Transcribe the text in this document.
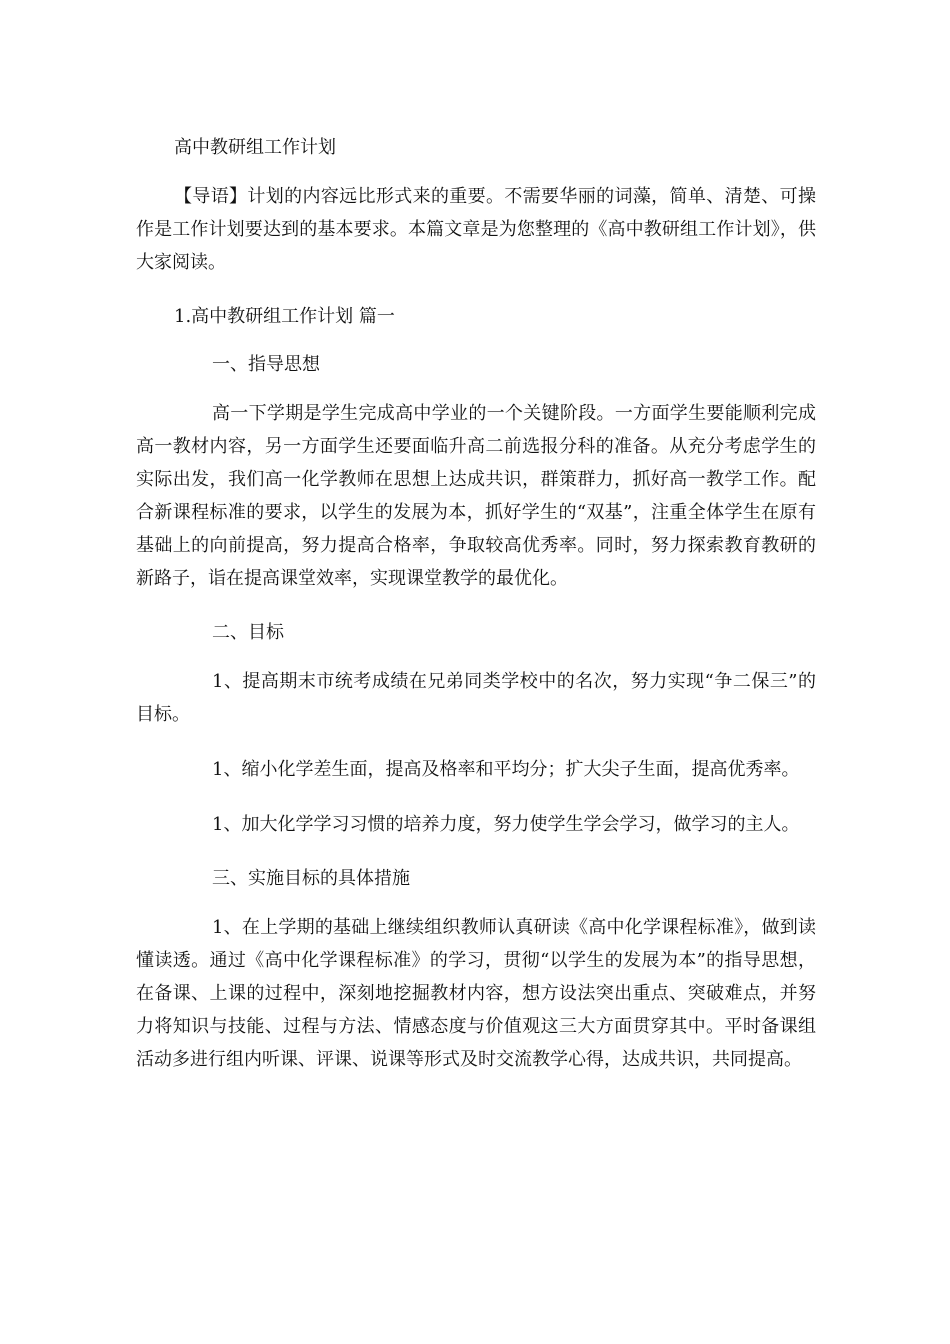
高中教研组工作计划

【导语】计划的内容远比形式来的重要。不需要华丽的词藻，简单、清楚、可操作是工作计划要达到的基本要求。本篇文章是为您整理的《高中教研组工作计划》，供大家阅读。

1.高中教研组工作计划 篇一
一、指导思想

高一下学期是学生完成高中学业的一个关键阶段。一方面学生要能顺利完成高一教材内容，另一方面学生还要面临升高二前选报分科的准备。从充分考虑学生的实际出发，我们高一化学教师在思想上达成共识，群策群力，抓好高一教学工作。配合新课程标准的要求，以学生的发展为本，抓好学生的“双基”，注重全体学生在原有基础上的向前提高，努力提高合格率，争取较高优秀率。同时，努力探索教育教研的新路子，诣在提高课堂效率，实现课堂教学的最优化。

二、目标

1、提高期末市统考成绩在兄弟同类学校中的名次，努力实现“争二保三”的目标。

1、缩小化学差生面，提高及格率和平均分；扩大尖子生面，提高优秀率。

1、加大化学学习习惯的培养力度，努力使学生学会学习，做学习的主人。

三、实施目标的具体措施

1、在上学期的基础上继续组织教师认真研读《高中化学课程标准》，做到读懂读透。通过《高中化学课程标准》的学习，贯彻“以学生的发展为本”的指导思想，在备课、上课的过程中，深刻地挖掘教材内容，想方设法突出重点、突破难点，并努力将知识与技能、过程与方法、情感态度与价值观这三大方面贯穿其中。平时备课组活动多进行组内听课、评课、说课等形式及时交流教学心得，达成共识，共同提高。
